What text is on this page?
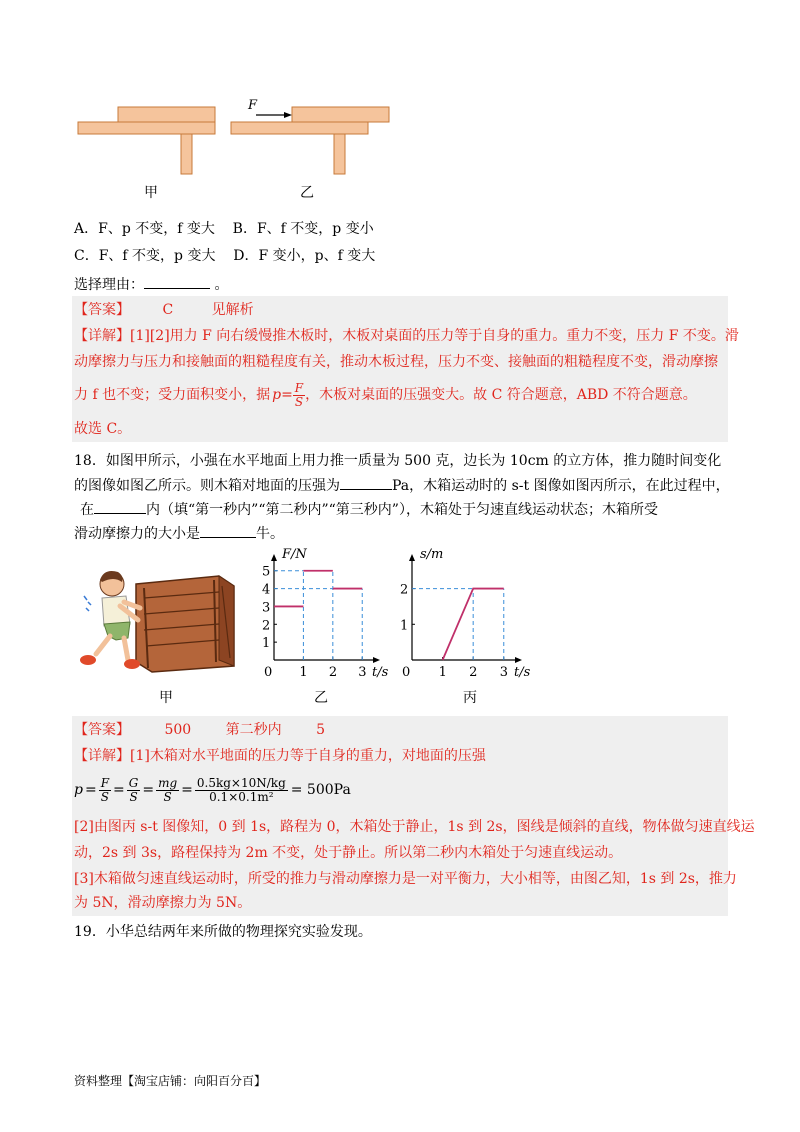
F
甲	乙
A．F、p 不变，f 变大    B．F、f 不变，p 变小
C．F、f 不变，p 变大    D．F 变小，p、f 变大
选择理由：	。
【答案】 C	见解析
【详解】[1][2]用力 F 向右缓慢推木板时，木板对桌面的压力等于自身的重力。重力不变，压力 F 不变。滑
动摩擦力与压力和接触面的粗糙程度有关，推动木板过程，压力不变、接触面的粗糙程度不变，滑动摩擦
力 f 也不变；受力面积变小，据 $p = \frac{F}{S}$ ，木板对桌面的压强变大。故 C 符合题意，ABD 不符合题意。
故选 C。
18．如图甲所示，小强在水平地面上用力推一质量为 500 克，边长为 10cm 的立方体，推力随时间变化
的图像如图乙所示。则木箱对地面的压强为	Pa，木箱运动时的 s-t 图像如图丙所示，在此过程中，
在	内（填“第一秒内”“第二秒内”“第三秒内”），木箱处于匀速直线运动状态；木箱所受
滑动摩擦力的大小是	牛。
F/N
t/s
0 1 2 3
1
2
3
4
5
s/m
t/s
0 1 2 3
1
2
甲	乙	丙
【答案】 500 第二秒内 5
【详解】[1]木箱对水平地面的压力等于自身的重力，对地面的压强
$p = \frac{F}{S} = \frac{G}{S} = \frac{mg}{S} = \frac{0.5kg\times 10N/kg}{\text{0.1×0.1m²}} = 500Pa$
[2]由图丙 s-t 图像知，0 到 1s，路程为 0，木箱处于静止，1s 到 2s，图线是倾斜的直线，物体做匀速直线运
动，2s 到 3s，路程保持为 2m 不变，处于静止。所以第二秒内木箱处于匀速直线运动。
[3]木箱做匀速直线运动时，所受的推力与滑动摩擦力是一对平衡力，大小相等，由图乙知，1s 到 2s，推力
为 5N，滑动摩擦力为 5N。
19．小华总结两年来所做的物理探究实验发现。
资料整理【淘宝店铺：向阳百分百】
